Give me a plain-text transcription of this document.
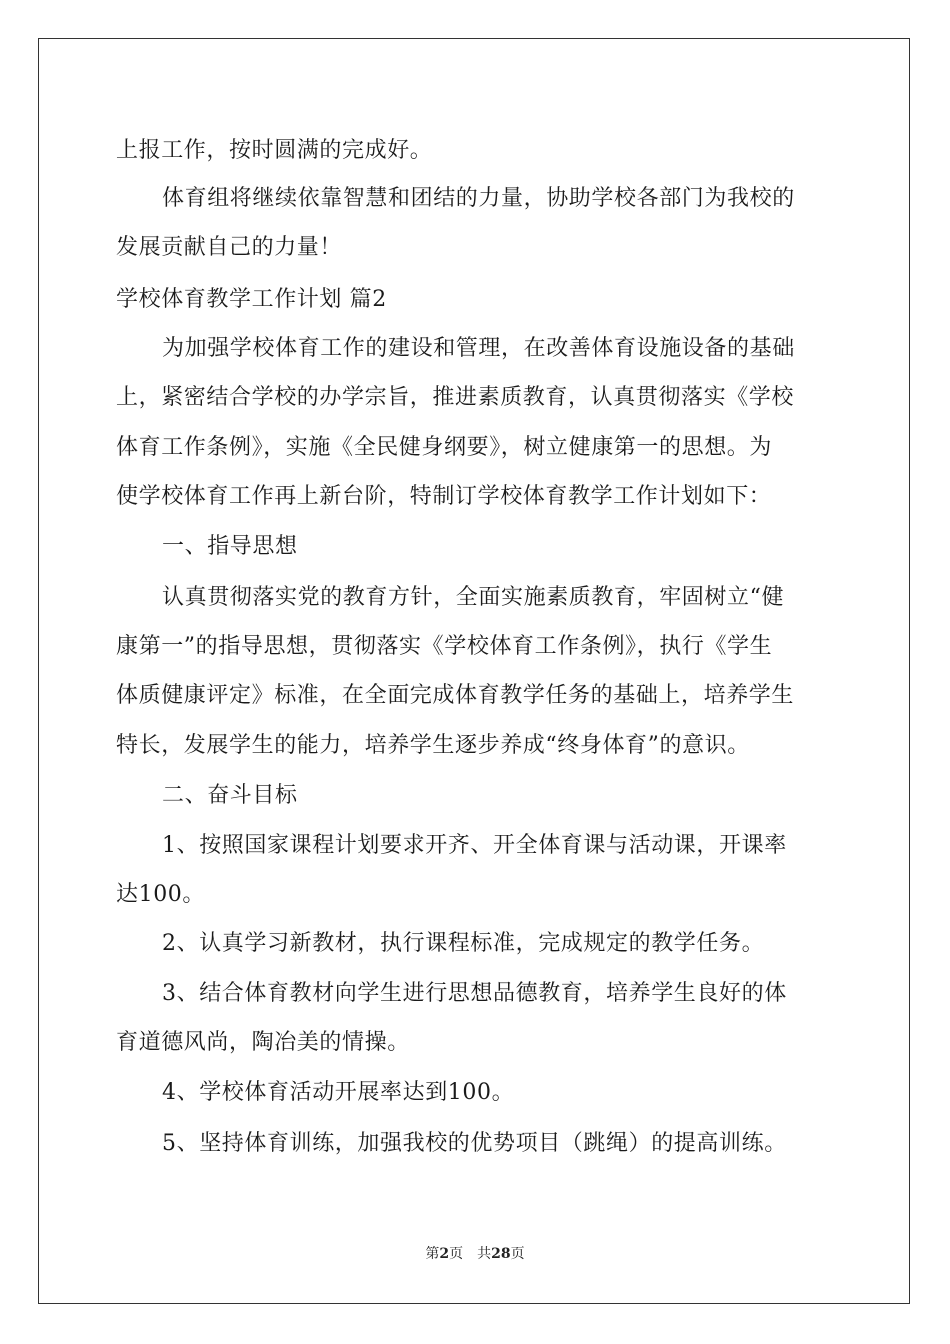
上报工作，按时圆满的完成好。
体育组将继续依靠智慧和团结的力量，协助学校各部门为我校的
发展贡献自己的力量！
学校体育教学工作计划 篇2
为加强学校体育工作的建设和管理，在改善体育设施设备的基础
上，紧密结合学校的办学宗旨，推进素质教育，认真贯彻落实《学校
体育工作条例》，实施《全民健身纲要》，树立健康第一的思想。为
使学校体育工作再上新台阶，特制订学校体育教学工作计划如下：
一、指导思想
认真贯彻落实党的教育方针，全面实施素质教育，牢固树立“健
康第一”的指导思想，贯彻落实《学校体育工作条例》，执行《学生
体质健康评定》标准，在全面完成体育教学任务的基础上，培养学生
特长，发展学生的能力，培养学生逐步养成“终身体育”的意识。
二、奋斗目标
1、按照国家课程计划要求开齐、开全体育课与活动课，开课率
达100。
2、认真学习新教材，执行课程标准，完成规定的教学任务。
3、结合体育教材向学生进行思想品德教育，培养学生良好的体
育道德风尚，陶冶美的情操。
4、学校体育活动开展率达到100。
5、坚持体育训练，加强我校的优势项目（跳绳）的提高训练。
第2页 共28页
